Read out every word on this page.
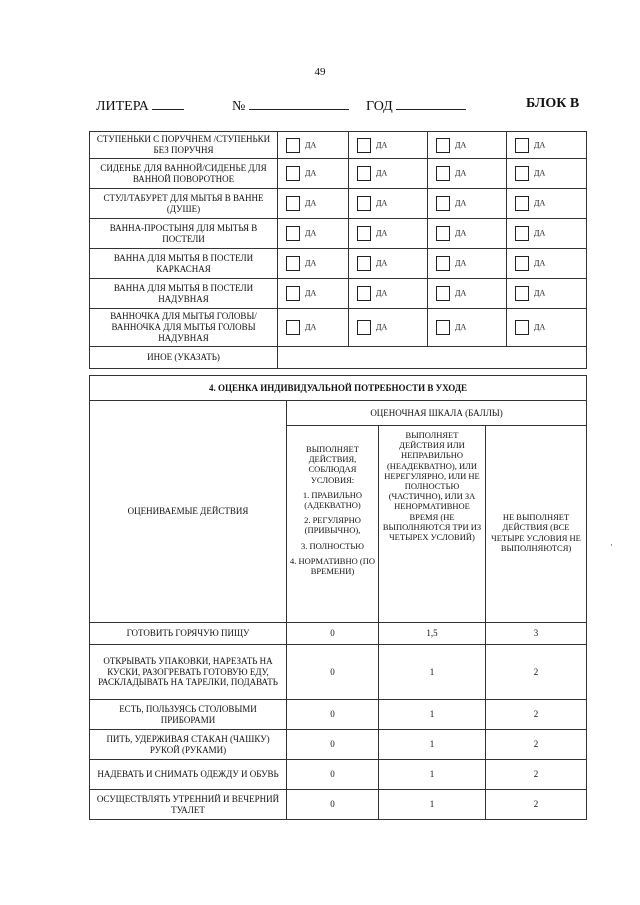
49
ЛИТЕРА	№	ГОД	БЛОК В
СТУПЕНЬКИ С ПОРУЧНЕМ /СТУПЕНЬКИ БЕЗ ПОРУЧНЯ	ДА	ДА	ДА	ДА
СИДЕНЬЕ ДЛЯ ВАННОЙ/СИДЕНЬЕ ДЛЯ ВАННОЙ ПОВОРОТНОЕ	ДА	ДА	ДА	ДА
СТУЛ/ТАБУРЕТ ДЛЯ МЫТЬЯ В ВАННЕ (ДУШЕ)	ДА	ДА	ДА	ДА
ВАННА-ПРОСТЫНЯ ДЛЯ МЫТЬЯ В ПОСТЕЛИ	ДА	ДА	ДА	ДА
ВАННА ДЛЯ МЫТЬЯ В ПОСТЕЛИ КАРКАСНАЯ	ДА	ДА	ДА	ДА
ВАННА ДЛЯ МЫТЬЯ В ПОСТЕЛИ НАДУВНАЯ	ДА	ДА	ДА	ДА
ВАННОЧКА ДЛЯ МЫТЬЯ ГОЛОВЫ/ ВАННОЧКА ДЛЯ МЫТЬЯ ГОЛОВЫ НАДУВНАЯ	ДА	ДА	ДА	ДА
ИНОЕ (УКАЗАТЬ)				
4. ОЦЕНКА ИНДИВИДУАЛЬНОЙ ПОТРЕБНОСТИ В УХОДЕ			
ОЦЕНИВАЕМЫЕ ДЕЙСТВИЯ	ОЦЕНОЧНАЯ ШКАЛА (БАЛЛЫ)		

	ВЫПОЛНЯЕТ ДЕЙСТВИЯ, СОБЛЮДАЯ УСЛОВИЯ:

1. ПРАВИЛЬНО (АДЕКВАТНО)

2. РЕГУЛЯРНО (ПРИВЫЧНО),

3. ПОЛНОСТЬЮ

4. НОРМАТИВНО (ПО ВРЕМЕНИ)	ВЫПОЛНЯЕТ ДЕЙСТВИЯ ИЛИ НЕПРАВИЛЬНО (НЕАДЕКВАТНО), ИЛИ НЕРЕГУЛЯРНО, ИЛИ НЕ ПОЛНОСТЬЮ (ЧАСТИЧНО), ИЛИ ЗА НЕНОРМАТИВНОЕ ВРЕМЯ (НЕ ВЫПОЛНЯЮТСЯ ТРИ ИЗ ЧЕТЫРЕХ УСЛОВИЙ)	НЕ ВЫПОЛНЯЕТ ДЕЙСТВИЯ (ВСЕ ЧЕТЫРЕ УСЛОВИЯ НЕ ВЫПОЛНЯЮТСЯ)
ГОТОВИТЬ ГОРЯЧУЮ ПИЩУ	0	1,5	3
ОТКРЫВАТЬ УПАКОВКИ, НАРЕЗАТЬ НА КУСКИ, РАЗОГРЕВАТЬ ГОТОВУЮ ЕДУ, РАСКЛАДЫВАТЬ НА ТАРЕЛКИ, ПОДАВАТЬ	0	1	2
ЕСТЬ, ПОЛЬЗУЯСЬ СТОЛОВЫМИ ПРИБОРАМИ	0	1	2
ПИТЬ, УДЕРЖИВАЯ СТАКАН (ЧАШКУ) РУКОЙ (РУКАМИ)	0	1	2
НАДЕВАТЬ И СНИМАТЬ ОДЕЖДУ И ОБУВЬ	0	1	2
ОСУЩЕСТВЛЯТЬ УТРЕННИЙ И ВЕЧЕРНИЙ ТУАЛЕТ	0	1	2
·
